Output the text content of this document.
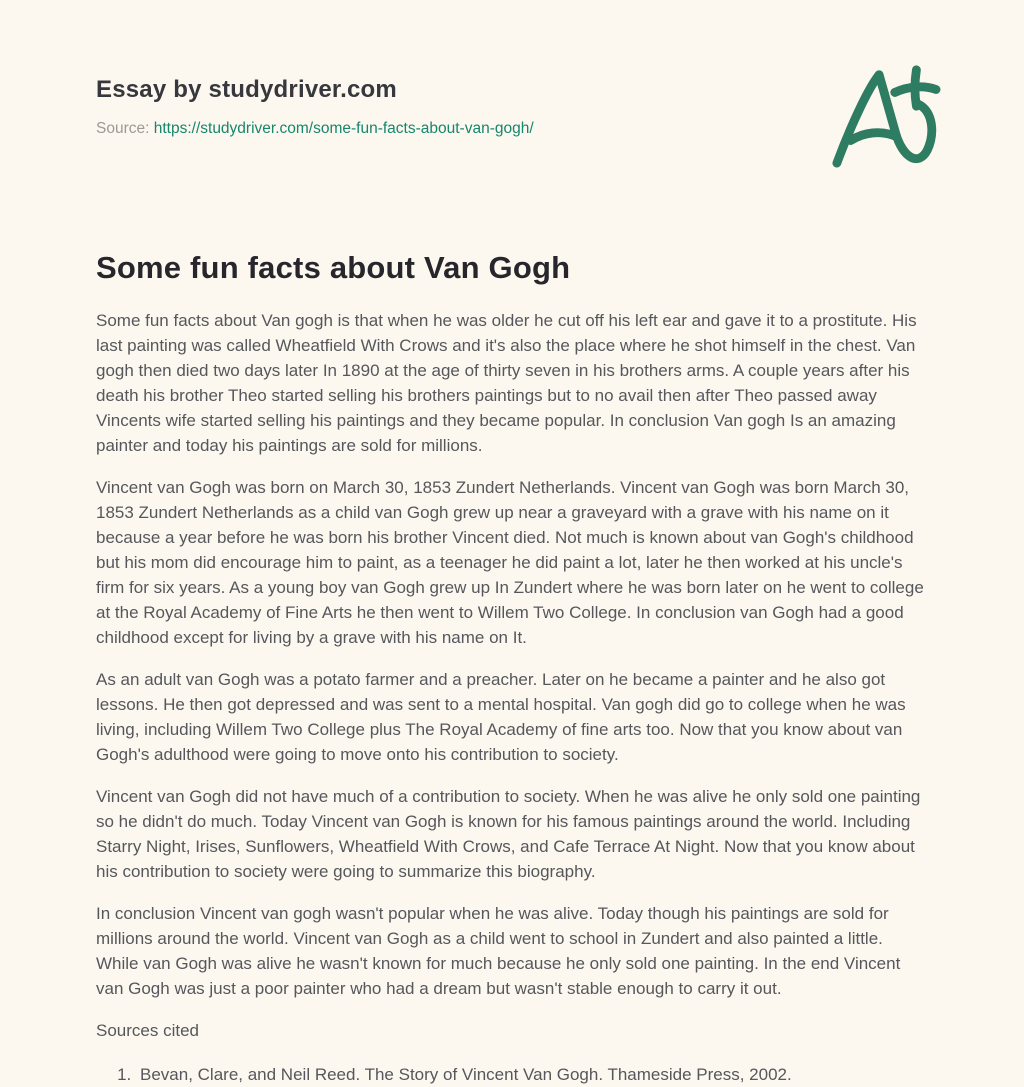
Essay by studydriver.com
Source: https://studydriver.com/some-fun-facts-about-van-gogh/
Some fun facts about Van Gogh

Some fun facts about Van gogh is that when he was older he cut off his left ear and gave it to a prostitute. His last painting was called Wheatfield With Crows and it's also the place where he shot himself in the chest. Van gogh then died two days later In 1890 at the age of thirty seven in his brothers arms. A couple years after his death his brother Theo started selling his brothers paintings but to no avail then after Theo passed away Vincents wife started selling his paintings and they became popular. In conclusion Van gogh Is an amazing painter and today his paintings are sold for millions.

Vincent van Gogh was born on March 30, 1853 Zundert Netherlands. Vincent van Gogh was born March 30, 1853 Zundert Netherlands as a child van Gogh grew up near a graveyard with a grave with his name on it because a year before he was born his brother Vincent died. Not much is known about van Gogh's childhood but his mom did encourage him to paint, as a teenager he did paint a lot, later he then worked at his uncle's firm for six years. As a young boy van Gogh grew up In Zundert where he was born later on he went to college at the Royal Academy of Fine Arts he then went to Willem Two College. In conclusion van Gogh had a good childhood except for living by a grave with his name on It.

As an adult van Gogh was a potato farmer and a preacher. Later on he became a painter and he also got lessons. He then got depressed and was sent to a mental hospital. Van gogh did go to college when he was living, including Willem Two College plus The Royal Academy of fine arts too. Now that you know about van Gogh's adulthood were going to move onto his contribution to society.

Vincent van Gogh did not have much of a contribution to society. When he was alive he only sold one painting so he didn't do much. Today Vincent van Gogh is known for his famous paintings around the world. Including Starry Night, Irises, Sunflowers, Wheatfield With Crows, and Cafe Terrace At Night. Now that you know about his contribution to society were going to summarize this biography.

In conclusion Vincent van gogh wasn't popular when he was alive. Today though his paintings are sold for millions around the world. Vincent van Gogh as a child went to school in Zundert and also painted a little. While van Gogh was alive he wasn't known for much because he only sold one painting. In the end Vincent van Gogh was just a poor painter who had a dream but wasn't stable enough to carry it out.

Sources cited

1. Bevan, Clare, and Neil Reed. The Story of Vincent Van Gogh. Thameside Press, 2002.
